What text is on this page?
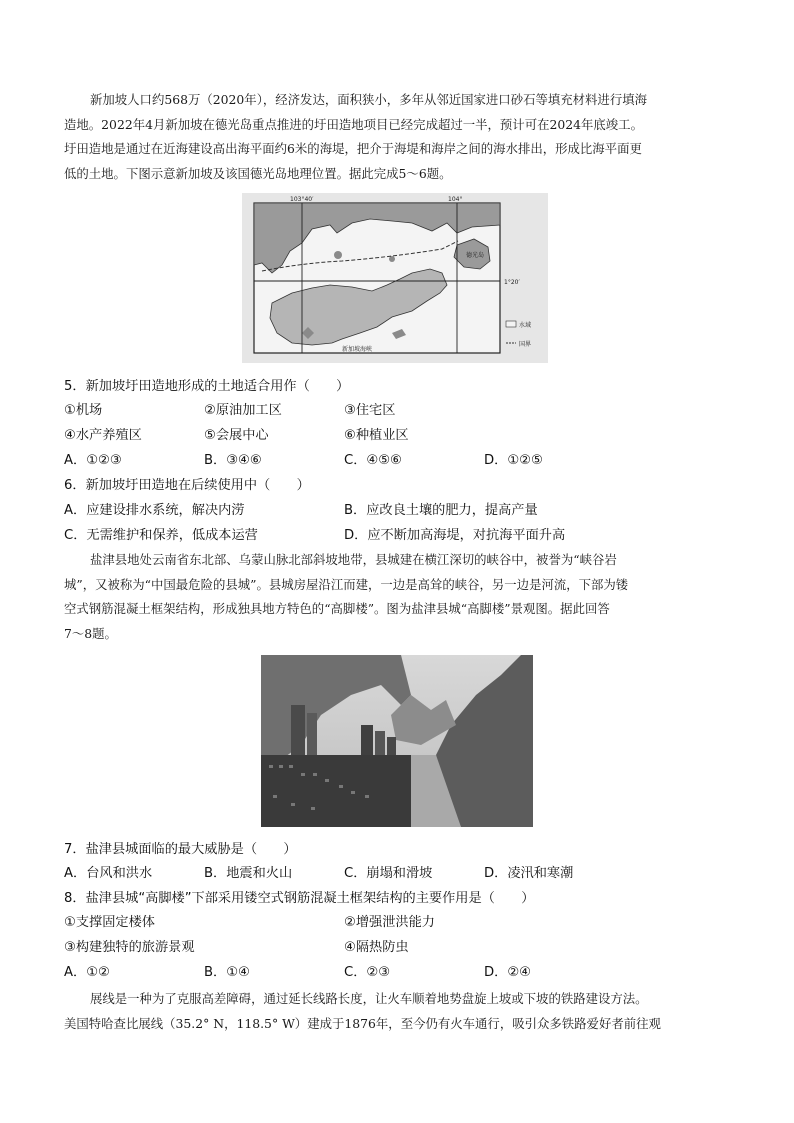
新加坡人口约568万（2020年），经济发达，面积狭小，多年从邻近国家进口砂石等填充材料进行填海
造地。2022年4月新加坡在德光岛重点推进的圩田造地项目已经完成超过一半，预计可在2024年底竣工。
圩田造地是通过在近海建设高出海平面约6米的海堤，把介于海堤和海岸之间的海水排出，形成比海平面更
低的土地。下图示意新加坡及该国德光岛地理位置。据此完成5～6题。
103°40′	104°
1°20′
德光岛
新加坡海峡
水域
国界
5．新加坡圩田造地形成的土地适合用作（　　）
①机场	②原油加工区	③住宅区
④水产养殖区	⑤会展中心	⑥种植业区
A．①②③	B．③④⑥	C．④⑤⑥	D．①②⑤
6．新加坡圩田造地在后续使用中（　　）
A．应建设排水系统，解决内涝	B．应改良土壤的肥力，提高产量
C．无需维护和保养，低成本运营	D．应不断加高海堤，对抗海平面升高
盐津县地处云南省东北部、乌蒙山脉北部斜坡地带，县城建在横江深切的峡谷中，被誉为“峡谷岩
城”，又被称为“中国最危险的县城”。县城房屋沿江而建，一边是高耸的峡谷，另一边是河流，下部为镂
空式钢筋混凝土框架结构，形成独具地方特色的“高脚楼”。图为盐津县城“高脚楼”景观图。据此回答
7～8题。
7．盐津县城面临的最大威胁是（　　）
A．台风和洪水	B．地震和火山	C．崩塌和滑坡	D．凌汛和寒潮
8．盐津县城“高脚楼”下部采用镂空式钢筋混凝土框架结构的主要作用是（　　）
①支撑固定楼体	②增强泄洪能力
③构建独特的旅游景观	④隔热防虫
A．①②	B．①④	C．②③	D．②④
展线是一种为了克服高差障碍，通过延长线路长度，让火车顺着地势盘旋上坡或下坡的铁路建设方法。
美国特哈查比展线（35.2° N，118.5° W）建成于1876年，至今仍有火车通行，吸引众多铁路爱好者前往观
